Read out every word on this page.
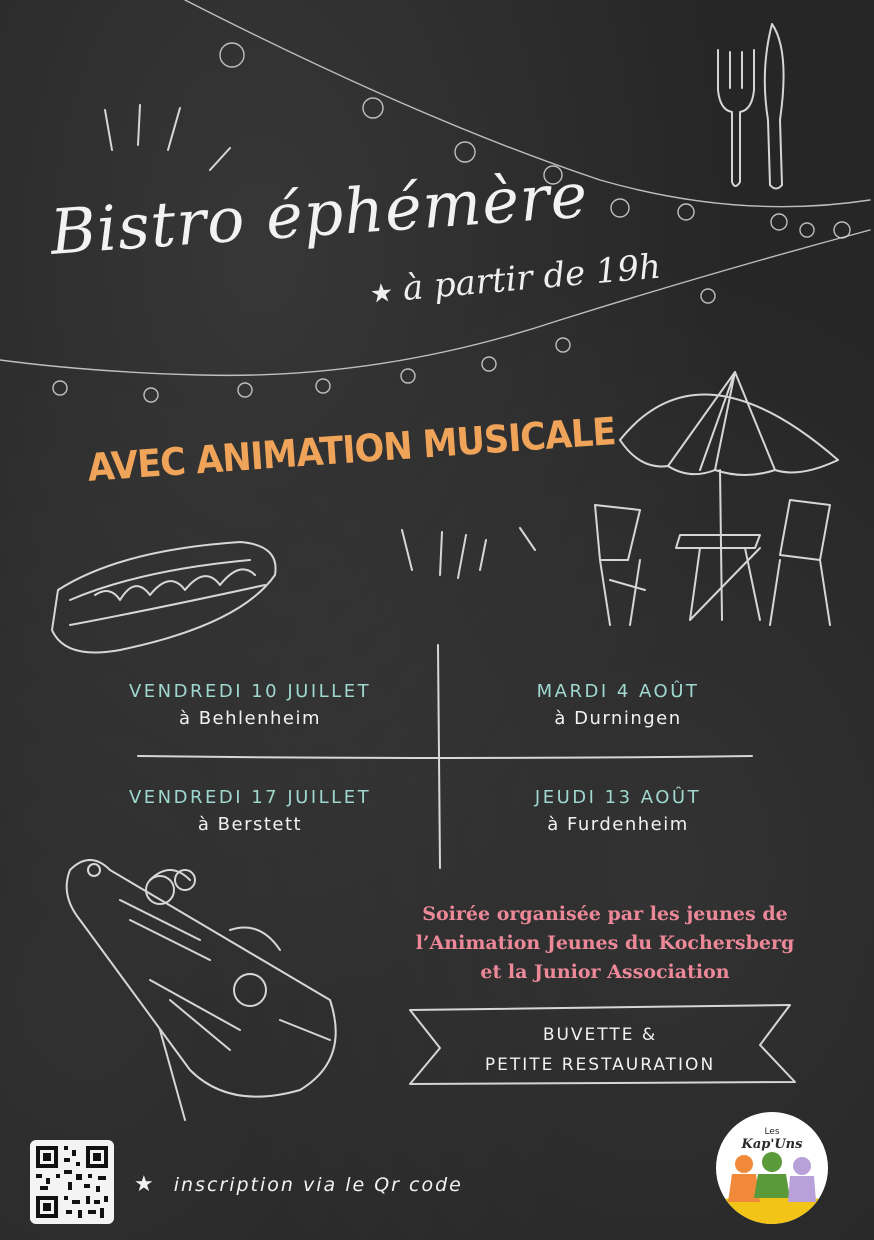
Bistro éphémère
★ à partir de 19h
AVEC ANIMATION MUSICALE
VENDREDI 10 JUILLET
à Behlenheim
MARDI 4 AOÛT
à Durningen
VENDREDI 17 JUILLET
à Berstett
JEUDI 13 AOÛT
à Furdenheim
Soirée organisée par les jeunes de
l’Animation Jeunes du Kochersberg
et la Junior Association
BUVETTE &
PETITE RESTAURATION
★ inscription via le Qr code
Les
Kap'Uns
